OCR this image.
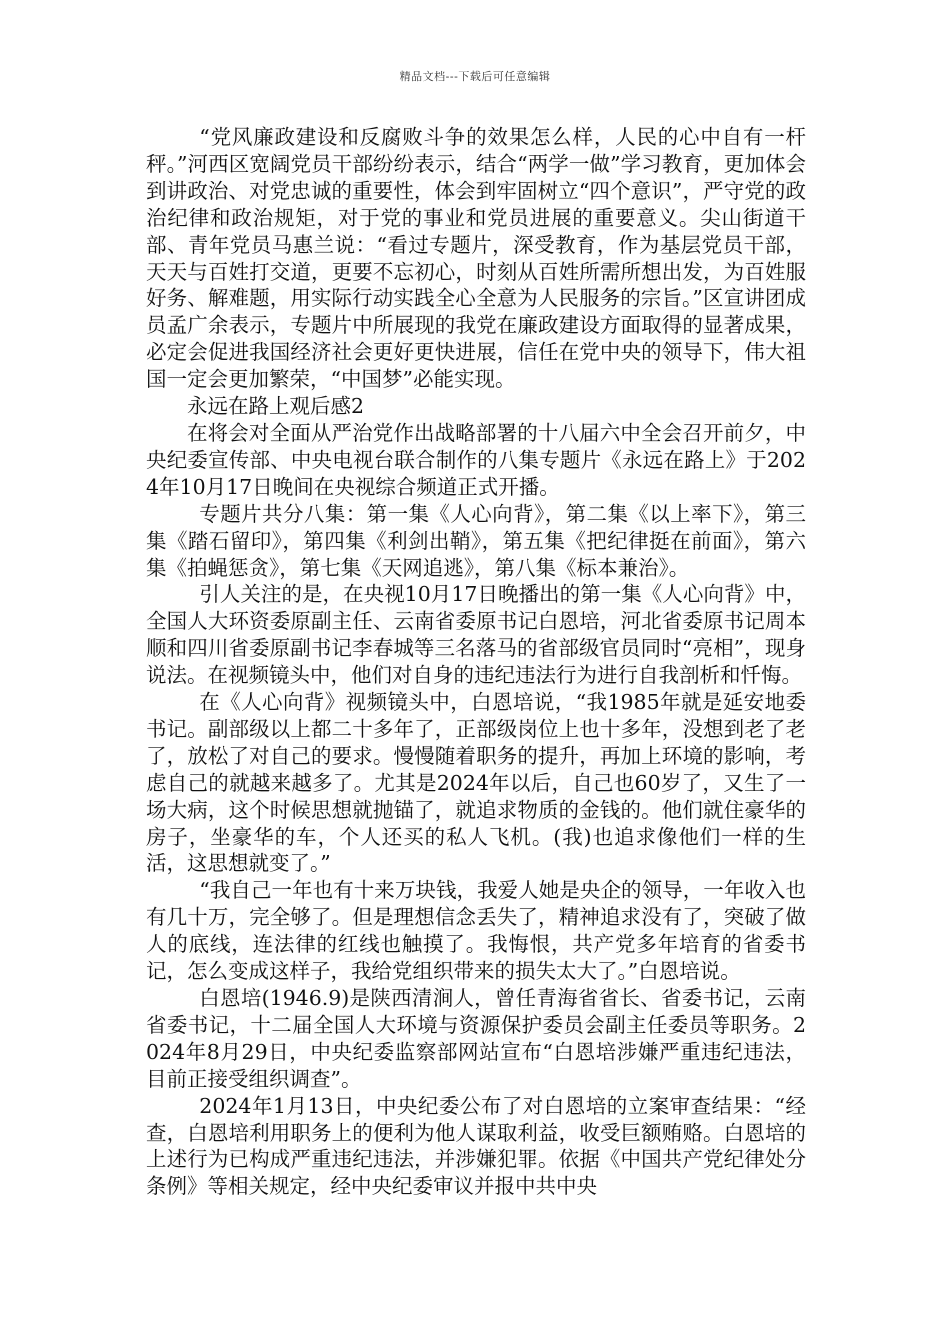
精品文档---下载后可任意编辑

“党风廉政建设和反腐败斗争的效果怎么样，人民的心中自有一杆秤。”河西区宽阔党员干部纷纷表示，结合“两学一做”学习教育，更加体会到讲政治、对党忠诚的重要性，体会到牢固树立“四个意识”，严守党的政治纪律和政治规矩，对于党的事业和党员进展的重要意义。尖山街道干部、青年党员马惠兰说：“看过专题片，深受教育，作为基层党员干部，天天与百姓打交道，更要不忘初心，时刻从百姓所需所想出发，为百姓服好务、解难题，用实际行动实践全心全意为人民服务的宗旨。”区宣讲团成员孟广余表示，专题片中所展现的我党在廉政建设方面取得的显著成果，必定会促进我国经济社会更好更快进展，信任在党中央的领导下，伟大祖国一定会更加繁荣，“中国梦”必能实现。

永远在路上观后感2

在将会对全面从严治党作出战略部署的十八届六中全会召开前夕，中央纪委宣传部、中央电视台联合制作的八集专题片《永远在路上》于2024年10月17日晚间在央视综合频道正式开播。

专题片共分八集：第一集《人心向背》，第二集《以上率下》，第三集《踏石留印》，第四集《利剑出鞘》，第五集《把纪律挺在前面》，第六集《拍蝇惩贪》，第七集《天网追逃》，第八集《标本兼治》。

引人关注的是，在央视10月17日晚播出的第一集《人心向背》中，全国人大环资委原副主任、云南省委原书记白恩培，河北省委原书记周本顺和四川省委原副书记李春城等三名落马的省部级官员同时“亮相”，现身说法。在视频镜头中，他们对自身的违纪违法行为进行自我剖析和忏悔。

在《人心向背》视频镜头中，白恩培说，“我1985年就是延安地委书记。副部级以上都二十多年了，正部级岗位上也十多年，没想到老了老了，放松了对自己的要求。慢慢随着职务的提升，再加上环境的影响，考虑自己的就越来越多了。尤其是2024年以后，自己也60岁了，又生了一场大病，这个时候思想就抛锚了，就追求物质的金钱的。他们就住豪华的房子，坐豪华的车，个人还买的私人飞机。(我)也追求像他们一样的生活，这思想就变了。”

“我自己一年也有十来万块钱，我爱人她是央企的领导，一年收入也有几十万，完全够了。但是理想信念丢失了，精神追求没有了，突破了做人的底线，连法律的红线也触摸了。我悔恨，共产党多年培育的省委书记，怎么变成这样子，我给党组织带来的损失太大了。”白恩培说。

白恩培(1946.9)是陕西清涧人，曾任青海省省长、省委书记，云南省委书记，十二届全国人大环境与资源保护委员会副主任委员等职务。2024年8月29日，中央纪委监察部网站宣布“白恩培涉嫌严重违纪违法，目前正接受组织调查”。

2024年1月13日，中央纪委公布了对白恩培的立案审查结果：“经查，白恩培利用职务上的便利为他人谋取利益，收受巨额贿赂。白恩培的上述行为已构成严重违纪违法，并涉嫌犯罪。依据《中国共产党纪律处分条例》等相关规定，经中央纪委审议并报中共中央
